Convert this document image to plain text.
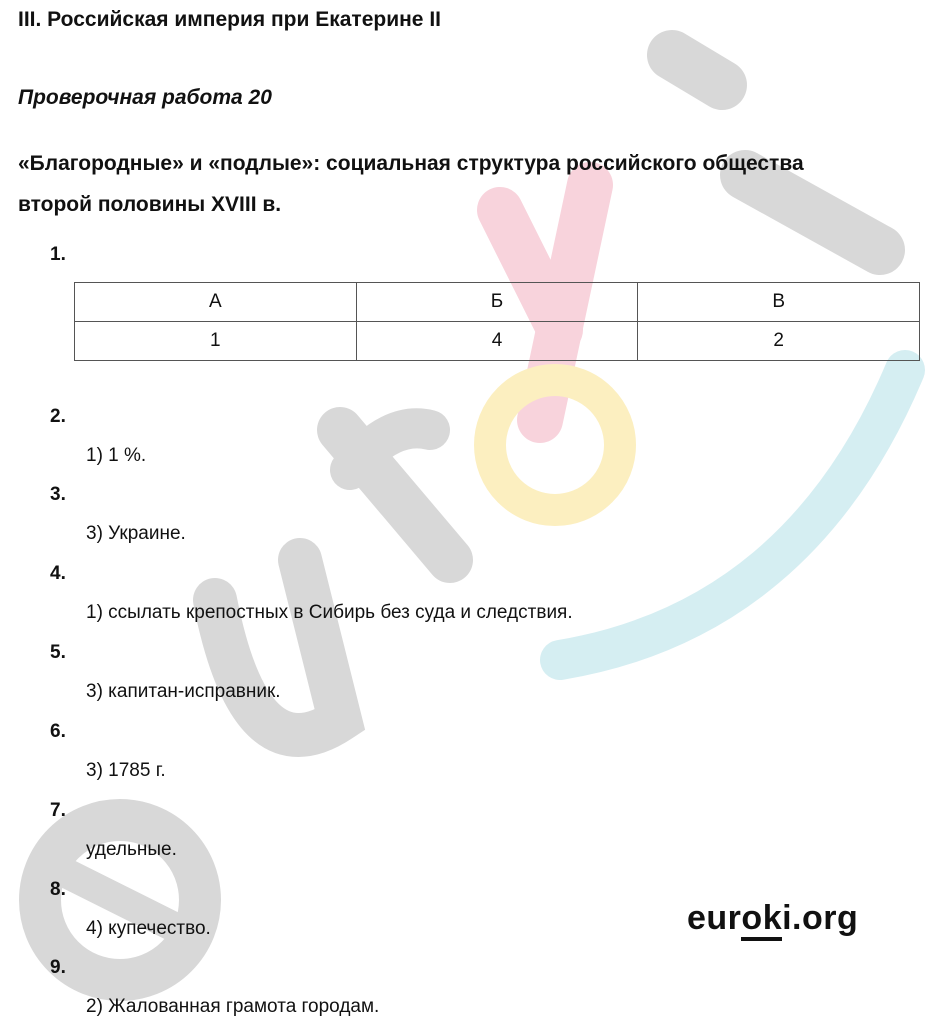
III. Российская империя при Екатерине II
Проверочная работа 20
«Благородные» и «подлые»: социальная структура российского общества
второй половины XVIII в.
1.
А	Б	В
1	4	2
2.
1) 1 %.
3.
3) Украине.
4.
1) ссылать крепостных в Сибирь без суда и следствия.
5.
3) капитан-исправник.
6.
3) 1785 г.
7.
удельные.
8.
4) купечество.
9.
2) Жалованная грамота городам.
euroki.org
